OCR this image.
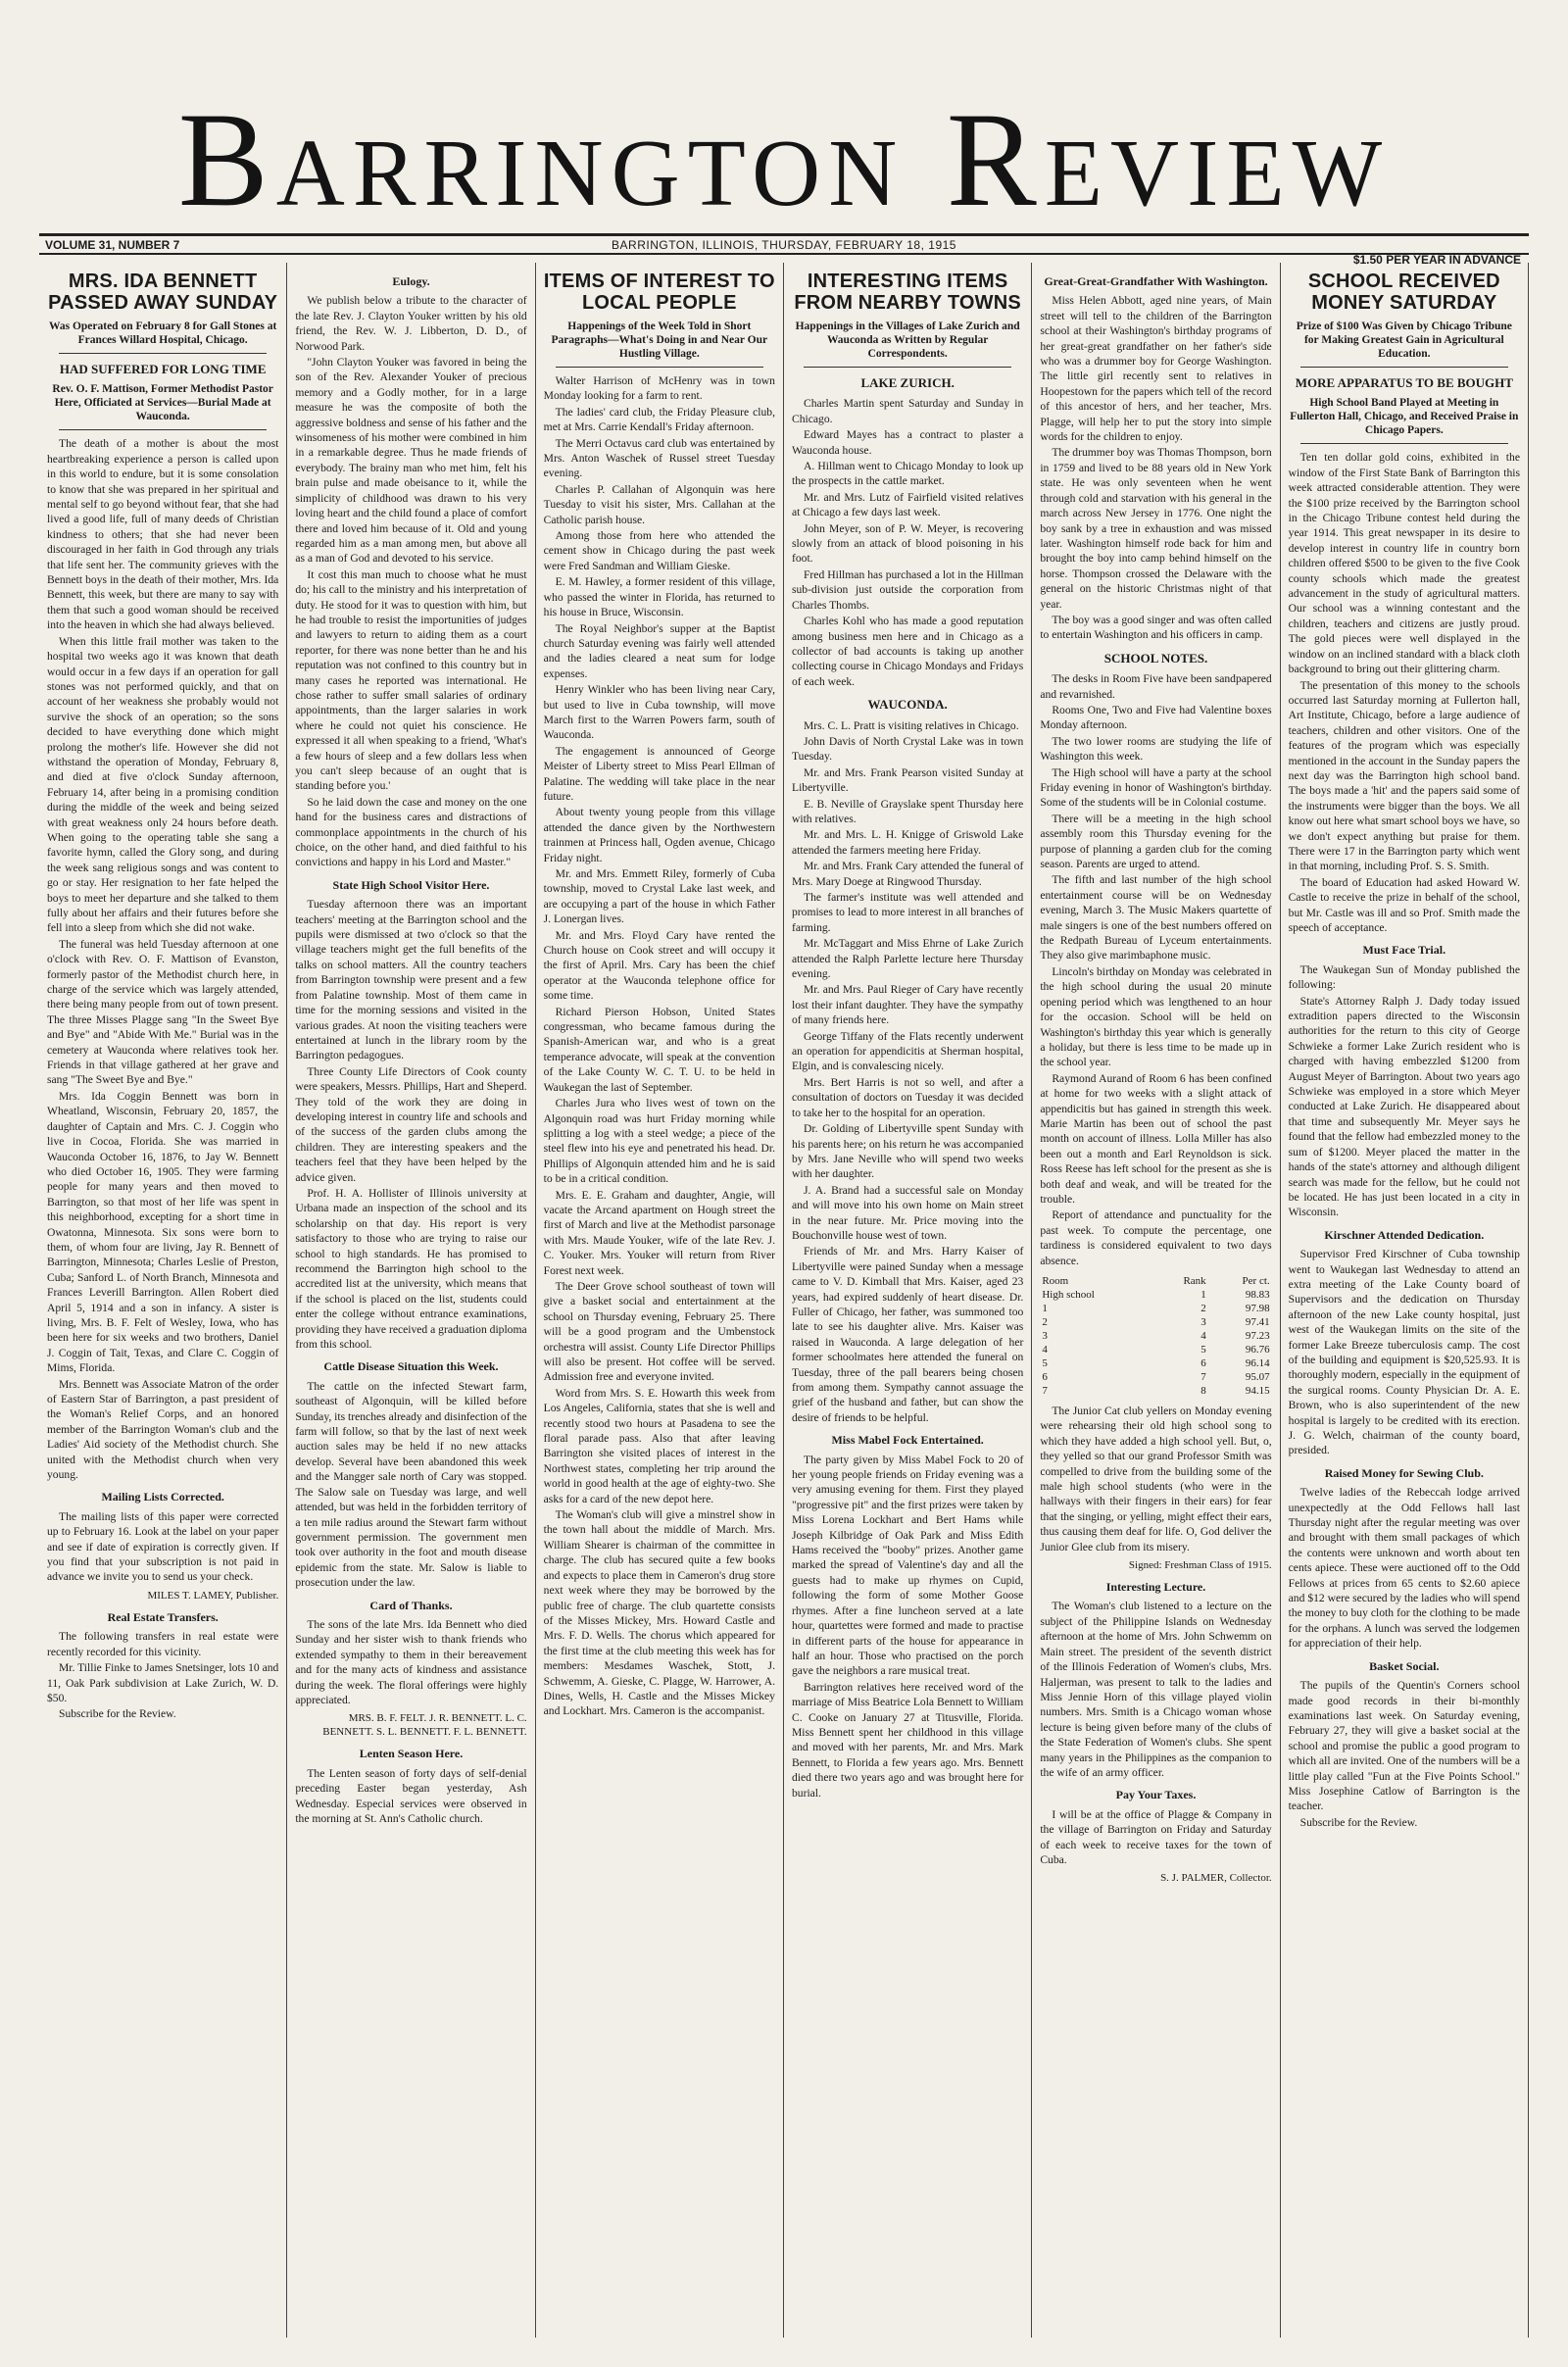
Barrington Review
VOLUME 31, NUMBER 7	BARRINGTON, ILLINOIS, THURSDAY, FEBRUARY 18, 1915
$1.50 PER YEAR IN ADVANCE
MRS. IDA BENNETT PASSED AWAY SUNDAY
Was Operated on February 8 for Gall Stones at Frances Willard Hospital, Chicago.
HAD SUFFERED FOR LONG TIME
Rev. O. F. Mattison, Former Methodist Pastor Here, Officiated at Services—Burial Made at Wauconda.

The death of a mother is about the most heartbreaking experience a person is called upon in this world to endure, but it is some consolation to know that she was prepared in her spiritual and mental self to go beyond without fear, that she had lived a good life, full of many deeds of Christian kindness to others; that she had never been discouraged in her faith in God through any trials that life sent her. The community grieves with the Bennett boys in the death of their mother, Mrs. Ida Bennett, this week, but there are many to say with them that such a good woman should be received into the heaven in which she had always believed.

When this little frail mother was taken to the hospital two weeks ago it was known that death would occur in a few days if an operation for gall stones was not performed quickly, and that on account of her weakness she probably would not survive the shock of an operation; so the sons decided to have everything done which might prolong the mother's life. However she did not withstand the operation of Monday, February 8, and died at five o'clock Sunday afternoon, February 14, after being in a promising condition during the middle of the week and being seized with great weakness only 24 hours before death. When going to the operating table she sang a favorite hymn, called the Glory song, and during the week sang religious songs and was content to go or stay. Her resignation to her fate helped the boys to meet her departure and she talked to them fully about her affairs and their futures before she fell into a sleep from which she did not wake.

The funeral was held Tuesday afternoon at one o'clock with Rev. O. F. Mattison of Evanston, formerly pastor of the Methodist church here, in charge of the service which was largely attended, there being many people from out of town present. The three Misses Plagge sang "In the Sweet Bye and Bye" and "Abide With Me." Burial was in the cemetery at Wauconda where relatives took her. Friends in that village gathered at her grave and sang "The Sweet Bye and Bye."

Mrs. Ida Coggin Bennett was born in Wheatland, Wisconsin, February 20, 1857, the daughter of Captain and Mrs. C. J. Coggin who live in Cocoa, Florida. She was married in Wauconda October 16, 1876, to Jay W. Bennett who died October 16, 1905. They were farming people for many years and then moved to Barrington, so that most of her life was spent in this neighborhood, excepting for a short time in Owatonna, Minnesota. Six sons were born to them, of whom four are living, Jay R. Bennett of Barrington, Minnesota; Charles Leslie of Preston, Cuba; Sanford L. of North Branch, Minnesota and Frances Leverill Barrington. Allen Robert died April 5, 1914 and a son in infancy. A sister is living, Mrs. B. F. Felt of Wesley, Iowa, who has been here for six weeks and two brothers, Daniel J. Coggin of Tait, Texas, and Clare C. Coggin of Mims, Florida.

Mrs. Bennett was Associate Matron of the order of Eastern Star of Barrington, a past president of the Woman's Relief Corps, and an honored member of the Barrington Woman's club and the Ladies' Aid society of the Methodist church. She united with the Methodist church when very young.

Mailing Lists Corrected.

The mailing lists of this paper were corrected up to February 16. Look at the label on your paper and see if date of expiration is correctly given. If you find that your subscription is not paid in advance we invite you to send us your check.

MILES T. LAMEY, Publisher.
Real Estate Transfers.

The following transfers in real estate were recently recorded for this vicinity.

Mr. Tillie Finke to James Snetsinger, lots 10 and 11, Oak Park subdivision at Lake Zurich, W. D. $50.

Subscribe for the Review.

Eulogy.

We publish below a tribute to the character of the late Rev. J. Clayton Youker written by his old friend, the Rev. W. J. Libberton, D. D., of Norwood Park.

"John Clayton Youker was favored in being the son of the Rev. Alexander Youker of precious memory and a Godly mother, for in a large measure he was the composite of both the aggressive boldness and sense of his father and the winsomeness of his mother were combined in him in a remarkable degree. Thus he made friends of everybody. The brainy man who met him, felt his brain pulse and made obeisance to it, while the simplicity of childhood was drawn to his very loving heart and the child found a place of comfort there and loved him because of it. Old and young regarded him as a man among men, but above all as a man of God and devoted to his service.

It cost this man much to choose what he must do; his call to the ministry and his interpretation of duty. He stood for it was to question with him, but he had trouble to resist the importunities of judges and lawyers to return to aiding them as a court reporter, for there was none better than he and his reputation was not confined to this country but in many cases he reported was international. He chose rather to suffer small salaries of ordinary appointments, than the larger salaries in work where he could not quiet his conscience. He expressed it all when speaking to a friend, 'What's a few hours of sleep and a few dollars less when you can't sleep because of an ought that is standing before you.'

So he laid down the case and money on the one hand for the business cares and distractions of commonplace appointments in the church of his choice, on the other hand, and died faithful to his convictions and happy in his Lord and Master."

State High School Visitor Here.

Tuesday afternoon there was an important teachers' meeting at the Barrington school and the pupils were dismissed at two o'clock so that the village teachers might get the full benefits of the talks on school matters. All the country teachers from Barrington township were present and a few from Palatine township. Most of them came in time for the morning sessions and visited in the various grades. At noon the visiting teachers were entertained at lunch in the library room by the Barrington pedagogues.

Three County Life Directors of Cook county were speakers, Messrs. Phillips, Hart and Sheperd. They told of the work they are doing in developing interest in country life and schools and of the success of the garden clubs among the children. They are interesting speakers and the teachers feel that they have been helped by the advice given.

Prof. H. A. Hollister of Illinois university at Urbana made an inspection of the school and its scholarship on that day. His report is very satisfactory to those who are trying to raise our school to high standards. He has promised to recommend the Barrington high school to the accredited list at the university, which means that if the school is placed on the list, students could enter the college without entrance examinations, providing they have received a graduation diploma from this school.

Cattle Disease Situation this Week.

The cattle on the infected Stewart farm, southeast of Algonquin, will be killed before Sunday, its trenches already and disinfection of the farm will follow, so that by the last of next week auction sales may be held if no new attacks develop. Several have been abandoned this week and the Mangger sale north of Cary was stopped. The Salow sale on Tuesday was large, and well attended, but was held in the forbidden territory of a ten mile radius around the Stewart farm without government permission. The government men took over authority in the foot and mouth disease epidemic from the state. Mr. Salow is liable to prosecution under the law.

Card of Thanks.

The sons of the late Mrs. Ida Bennett who died Sunday and her sister wish to thank friends who extended sympathy to them in their bereavement and for the many acts of kindness and assistance during the week. The floral offerings were highly appreciated.

MRS. B. F. FELT. J. R. BENNETT. L. C. BENNETT. S. L. BENNETT. F. L. BENNETT.
Lenten Season Here.

The Lenten season of forty days of self-denial preceding Easter began yesterday, Ash Wednesday. Especial services were observed in the morning at St. Ann's Catholic church.

ITEMS OF INTEREST TO LOCAL PEOPLE
Happenings of the Week Told in Short Paragraphs—What's Doing in and Near Our Hustling Village.

Walter Harrison of McHenry was in town Monday looking for a farm to rent.

The ladies' card club, the Friday Pleasure club, met at Mrs. Carrie Kendall's Friday afternoon.

The Merri Octavus card club was entertained by Mrs. Anton Waschek of Russel street Tuesday evening.

Charles P. Callahan of Algonquin was here Tuesday to visit his sister, Mrs. Callahan at the Catholic parish house.

Among those from here who attended the cement show in Chicago during the past week were Fred Sandman and William Gieske.

E. M. Hawley, a former resident of this village, who passed the winter in Florida, has returned to his house in Bruce, Wisconsin.

The Royal Neighbor's supper at the Baptist church Saturday evening was fairly well attended and the ladies cleared a neat sum for lodge expenses.

Henry Winkler who has been living near Cary, but used to live in Cuba township, will move March first to the Warren Powers farm, south of Wauconda.

The engagement is announced of George Meister of Liberty street to Miss Pearl Ellman of Palatine. The wedding will take place in the near future.

About twenty young people from this village attended the dance given by the Northwestern trainmen at Princess hall, Ogden avenue, Chicago Friday night.

Mr. and Mrs. Emmett Riley, formerly of Cuba township, moved to Crystal Lake last week, and are occupying a part of the house in which Father J. Lonergan lives.

Mr. and Mrs. Floyd Cary have rented the Church house on Cook street and will occupy it the first of April. Mrs. Cary has been the chief operator at the Wauconda telephone office for some time.

Richard Pierson Hobson, United States congressman, who became famous during the Spanish-American war, and who is a great temperance advocate, will speak at the convention of the Lake County W. C. T. U. to be held in Waukegan the last of September.

Charles Jura who lives west of town on the Algonquin road was hurt Friday morning while splitting a log with a steel wedge; a piece of the steel flew into his eye and penetrated his head. Dr. Phillips of Algonquin attended him and he is said to be in a critical condition.

Mrs. E. E. Graham and daughter, Angie, will vacate the Arcand apartment on Hough street the first of March and live at the Methodist parsonage with Mrs. Maude Youker, wife of the late Rev. J. C. Youker. Mrs. Youker will return from River Forest next week.

The Deer Grove school southeast of town will give a basket social and entertainment at the school on Thursday evening, February 25. There will be a good program and the Umbenstock orchestra will assist. County Life Director Phillips will also be present. Hot coffee will be served. Admission free and everyone invited.

Word from Mrs. S. E. Howarth this week from Los Angeles, California, states that she is well and recently stood two hours at Pasadena to see the floral parade pass. Also that after leaving Barrington she visited places of interest in the Northwest states, completing her trip around the world in good health at the age of eighty-two. She asks for a card of the new depot here.

The Woman's club will give a minstrel show in the town hall about the middle of March. Mrs. William Shearer is chairman of the committee in charge. The club has secured quite a few books and expects to place them in Cameron's drug store next week where they may be borrowed by the public free of charge. The club quartette consists of the Misses Mickey, Mrs. Howard Castle and Mrs. F. D. Wells. The chorus which appeared for the first time at the club meeting this week has for members: Mesdames Waschek, Stott, J. Schwemm, A. Gieske, C. Plagge, W. Harrower, A. Dines, Wells, H. Castle and the Misses Mickey and Lockhart. Mrs. Cameron is the accompanist.

INTERESTING ITEMS FROM NEARBY TOWNS
Happenings in the Villages of Lake Zurich and Wauconda as Written by Regular Correspondents.
LAKE ZURICH.

Charles Martin spent Saturday and Sunday in Chicago.

Edward Mayes has a contract to plaster a Wauconda house.

A. Hillman went to Chicago Monday to look up the prospects in the cattle market.

Mr. and Mrs. Lutz of Fairfield visited relatives at Chicago a few days last week.

John Meyer, son of P. W. Meyer, is recovering slowly from an attack of blood poisoning in his foot.

Fred Hillman has purchased a lot in the Hillman sub-division just outside the corporation from Charles Thombs.

Charles Kohl who has made a good reputation among business men here and in Chicago as a collector of bad accounts is taking up another collecting course in Chicago Mondays and Fridays of each week.

WAUCONDA.

Mrs. C. L. Pratt is visiting relatives in Chicago.

John Davis of North Crystal Lake was in town Tuesday.

Mr. and Mrs. Frank Pearson visited Sunday at Libertyville.

E. B. Neville of Grayslake spent Thursday here with relatives.

Mr. and Mrs. L. H. Knigge of Griswold Lake attended the farmers meeting here Friday.

Mr. and Mrs. Frank Cary attended the funeral of Mrs. Mary Doege at Ringwood Thursday.

The farmer's institute was well attended and promises to lead to more interest in all branches of farming.

Mr. McTaggart and Miss Ehrne of Lake Zurich attended the Ralph Parlette lecture here Thursday evening.

Mr. and Mrs. Paul Rieger of Cary have recently lost their infant daughter. They have the sympathy of many friends here.

George Tiffany of the Flats recently underwent an operation for appendicitis at Sherman hospital, Elgin, and is convalescing nicely.

Mrs. Bert Harris is not so well, and after a consultation of doctors on Tuesday it was decided to take her to the hospital for an operation.

Dr. Golding of Libertyville spent Sunday with his parents here; on his return he was accompanied by Mrs. Jane Neville who will spend two weeks with her daughter.

J. A. Brand had a successful sale on Monday and will move into his own home on Main street in the near future. Mr. Price moving into the Bouchonville house west of town.

Friends of Mr. and Mrs. Harry Kaiser of Libertyville were pained Sunday when a message came to V. D. Kimball that Mrs. Kaiser, aged 23 years, had expired suddenly of heart disease. Dr. Fuller of Chicago, her father, was summoned too late to see his daughter alive. Mrs. Kaiser was raised in Wauconda. A large delegation of her former schoolmates here attended the funeral on Tuesday, three of the pall bearers being chosen from among them. Sympathy cannot assuage the grief of the husband and father, but can show the desire of friends to be helpful.

Miss Mabel Fock Entertained.

The party given by Miss Mabel Fock to 20 of her young people friends on Friday evening was a very amusing evening for them. First they played "progressive pit" and the first prizes were taken by Miss Lorena Lockhart and Bert Hams while Joseph Kilbridge of Oak Park and Miss Edith Hams received the "booby" prizes. Another game marked the spread of Valentine's day and all the guests had to make up rhymes on Cupid, following the form of some Mother Goose rhymes. After a fine luncheon served at a late hour, quartettes were formed and made to practise in different parts of the house for appearance in half an hour. Those who practised on the porch gave the neighbors a rare musical treat.

Barrington relatives here received word of the marriage of Miss Beatrice Lola Bennett to William C. Cooke on January 27 at Titusville, Florida. Miss Bennett spent her childhood in this village and moved with her parents, Mr. and Mrs. Mark Bennett, to Florida a few years ago. Mrs. Bennett died there two years ago and was brought here for burial.

Great-Great-Grandfather With Washington.

Miss Helen Abbott, aged nine years, of Main street will tell to the children of the Barrington school at their Washington's birthday programs of her great-great grandfather on her father's side who was a drummer boy for George Washington. The little girl recently sent to relatives in Hoopestown for the papers which tell of the record of this ancestor of hers, and her teacher, Mrs. Plagge, will help her to put the story into simple words for the children to enjoy.

The drummer boy was Thomas Thompson, born in 1759 and lived to be 88 years old in New York state. He was only seventeen when he went through cold and starvation with his general in the march across New Jersey in 1776. One night the boy sank by a tree in exhaustion and was missed later. Washington himself rode back for him and brought the boy into camp behind himself on the horse. Thompson crossed the Delaware with the general on the historic Christmas night of that year.

The boy was a good singer and was often called to entertain Washington and his officers in camp.

SCHOOL NOTES.

The desks in Room Five have been sandpapered and revarnished.

Rooms One, Two and Five had Valentine boxes Monday afternoon.

The two lower rooms are studying the life of Washington this week.

The High school will have a party at the school Friday evening in honor of Washington's birthday. Some of the students will be in Colonial costume.

There will be a meeting in the high school assembly room this Thursday evening for the purpose of planning a garden club for the coming season. Parents are urged to attend.

The fifth and last number of the high school entertainment course will be on Wednesday evening, March 3. The Music Makers quartette of male singers is one of the best numbers offered on the Redpath Bureau of Lyceum entertainments. They also give marimbaphone music.

Lincoln's birthday on Monday was celebrated in the high school during the usual 20 minute opening period which was lengthened to an hour for the occasion. School will be held on Washington's birthday this year which is generally a holiday, but there is less time to be made up in the school year.

Raymond Aurand of Room 6 has been confined at home for two weeks with a slight attack of appendicitis but has gained in strength this week. Marie Martin has been out of school the past month on account of illness. Lolla Miller has also been out a month and Earl Reynoldson is sick. Ross Reese has left school for the present as she is both deaf and weak, and will be treated for the trouble.

Report of attendance and punctuality for the past week. To compute the percentage, one tardiness is considered equivalent to two days absence.

Room	Rank	Per ct.
High school	1	98.83
1	2	97.98
2	3	97.41
3	4	97.23
4	5	96.76
5	6	96.14
6	7	95.07
7	8	94.15

The Junior Cat club yellers on Monday evening were rehearsing their old high school song to which they have added a high school yell. But, o, they yelled so that our grand Professor Smith was compelled to drive from the building some of the male high school students (who were in the hallways with their fingers in their ears) for fear that the singing, or yelling, might effect their ears, thus causing them deaf for life. O, God deliver the Junior Glee club from its misery.

Signed: Freshman Class of 1915.
Interesting Lecture.

The Woman's club listened to a lecture on the subject of the Philippine Islands on Wednesday afternoon at the home of Mrs. John Schwemm on Main street. The president of the seventh district of the Illinois Federation of Women's clubs, Mrs. Haljerman, was present to talk to the ladies and Miss Jennie Horn of this village played violin numbers. Mrs. Smith is a Chicago woman whose lecture is being given before many of the clubs of the State Federation of Women's clubs. She spent many years in the Philippines as the companion to the wife of an army officer.

Pay Your Taxes.

I will be at the office of Plagge & Company in the village of Barrington on Friday and Saturday of each week to receive taxes for the town of Cuba.

S. J. PALMER, Collector.
SCHOOL RECEIVED MONEY SATURDAY
Prize of $100 Was Given by Chicago Tribune for Making Greatest Gain in Agricultural Education.
MORE APPARATUS TO BE BOUGHT
High School Band Played at Meeting in Fullerton Hall, Chicago, and Received Praise in Chicago Papers.

Ten ten dollar gold coins, exhibited in the window of the First State Bank of Barrington this week attracted considerable attention. They were the $100 prize received by the Barrington school in the Chicago Tribune contest held during the year 1914. This great newspaper in its desire to develop interest in country life in country born children offered $500 to be given to the five Cook county schools which made the greatest advancement in the study of agricultural matters. Our school was a winning contestant and the children, teachers and citizens are justly proud. The gold pieces were well displayed in the window on an inclined standard with a black cloth background to bring out their glittering charm.

The presentation of this money to the schools occurred last Saturday morning at Fullerton hall, Art Institute, Chicago, before a large audience of teachers, children and other visitors. One of the features of the program which was especially mentioned in the account in the Sunday papers the next day was the Barrington high school band. The boys made a 'hit' and the papers said some of the instruments were bigger than the boys. We all know out here what smart school boys we have, so we don't expect anything but praise for them. There were 17 in the Barrington party which went in that morning, including Prof. S. S. Smith.

The board of Education had asked Howard W. Castle to receive the prize in behalf of the school, but Mr. Castle was ill and so Prof. Smith made the speech of acceptance.

Must Face Trial.

The Waukegan Sun of Monday published the following:

State's Attorney Ralph J. Dady today issued extradition papers directed to the Wisconsin authorities for the return to this city of George Schwieke a former Lake Zurich resident who is charged with having embezzled $1200 from August Meyer of Barrington. About two years ago Schwieke was employed in a store which Meyer conducted at Lake Zurich. He disappeared about that time and subsequently Mr. Meyer says he found that the fellow had embezzled money to the sum of $1200. Meyer placed the matter in the hands of the state's attorney and although diligent search was made for the fellow, but he could not be located. He has just been located in a city in Wisconsin.

Kirschner Attended Dedication.

Supervisor Fred Kirschner of Cuba township went to Waukegan last Wednesday to attend an extra meeting of the Lake County board of Supervisors and the dedication on Thursday afternoon of the new Lake county hospital, just west of the Waukegan limits on the site of the former Lake Breeze tuberculosis camp. The cost of the building and equipment is $20,525.93. It is thoroughly modern, especially in the equipment of the surgical rooms. County Physician Dr. A. E. Brown, who is also superintendent of the new hospital is largely to be credited with its erection. J. G. Welch, chairman of the county board, presided.

Raised Money for Sewing Club.

Twelve ladies of the Rebeccah lodge arrived unexpectedly at the Odd Fellows hall last Thursday night after the regular meeting was over and brought with them small packages of which the contents were unknown and worth about ten cents apiece. These were auctioned off to the Odd Fellows at prices from 65 cents to $2.60 apiece and $12 were secured by the ladies who will spend the money to buy cloth for the clothing to be made for the orphans. A lunch was served the lodgemen for appreciation of their help.

Basket Social.

The pupils of the Quentin's Corners school made good records in their bi-monthly examinations last week. On Saturday evening, February 27, they will give a basket social at the school and promise the public a good program to which all are invited. One of the numbers will be a little play called "Fun at the Five Points School." Miss Josephine Catlow of Barrington is the teacher.

Subscribe for the Review.
